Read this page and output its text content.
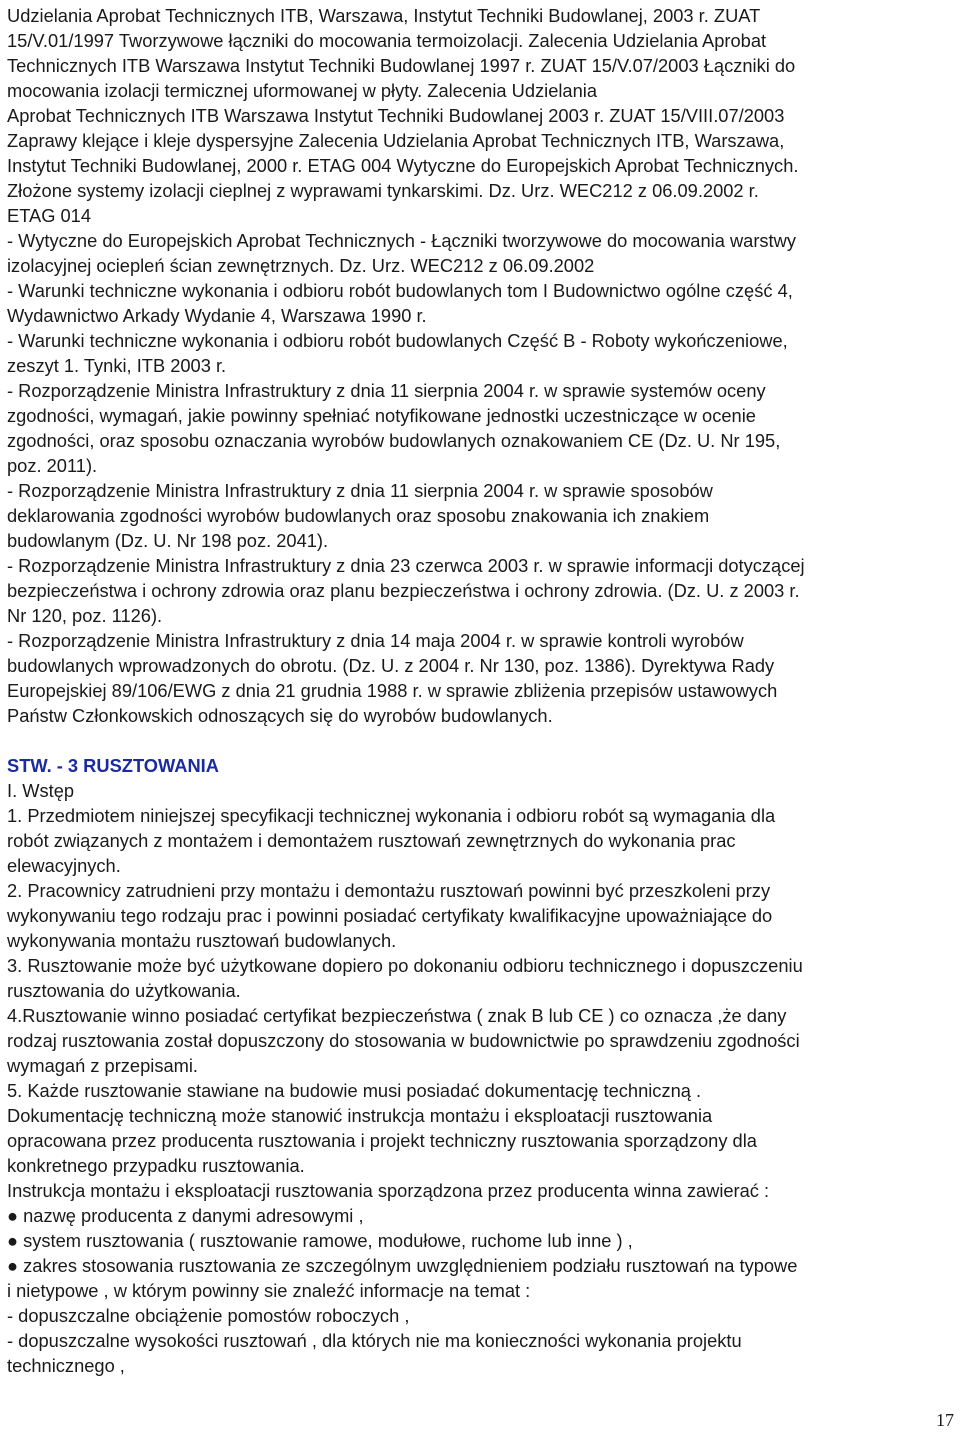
Udzielania Aprobat Technicznych ITB, Warszawa, Instytut Techniki Budowlanej, 2003 r. ZUAT
15/V.01/1997 Tworzywowe łączniki do mocowania termoizolacji. Zalecenia Udzielania Aprobat
Technicznych ITB Warszawa Instytut Techniki Budowlanej 1997 r. ZUAT 15/V.07/2003 Łączniki do
mocowania izolacji termicznej uformowanej w płyty. Zalecenia Udzielania
Aprobat Technicznych ITB Warszawa Instytut Techniki Budowlanej 2003 r. ZUAT 15/VIII.07/2003
Zaprawy klejące i kleje dyspersyjne Zalecenia Udzielania Aprobat Technicznych ITB, Warszawa,
Instytut Techniki Budowlanej, 2000 r. ETAG 004 Wytyczne do Europejskich Aprobat Technicznych.
Złożone systemy izolacji cieplnej z wyprawami tynkarskimi. Dz. Urz. WEC212 z 06.09.2002 r.
ETAG 014
- Wytyczne do Europejskich Aprobat Technicznych - Łączniki tworzywowe do mocowania warstwy
izolacyjnej ociepleń ścian zewnętrznych. Dz. Urz. WEC212 z 06.09.2002
- Warunki techniczne wykonania i odbioru robót budowlanych tom I Budownictwo ogólne część 4,
Wydawnictwo Arkady Wydanie 4, Warszawa 1990 r.
- Warunki techniczne wykonania i odbioru robót budowlanych Część B - Roboty wykończeniowe,
zeszyt 1. Tynki, ITB 2003 r.
- Rozporządzenie Ministra Infrastruktury z dnia 11 sierpnia 2004 r. w sprawie systemów oceny
zgodności, wymagań, jakie powinny spełniać notyfikowane jednostki uczestniczące w ocenie
zgodności, oraz sposobu oznaczania wyrobów budowlanych oznakowaniem CE (Dz. U. Nr 195,
poz. 2011).
- Rozporządzenie Ministra Infrastruktury z dnia 11 sierpnia 2004 r. w sprawie sposobów
deklarowania zgodności wyrobów budowlanych oraz sposobu znakowania ich znakiem
budowlanym (Dz. U. Nr 198 poz. 2041).
- Rozporządzenie Ministra Infrastruktury z dnia 23 czerwca 2003 r. w sprawie informacji dotyczącej
bezpieczeństwa i ochrony zdrowia oraz planu bezpieczeństwa i ochrony zdrowia. (Dz. U. z 2003 r.
Nr 120, poz. 1126).
- Rozporządzenie Ministra Infrastruktury z dnia 14 maja 2004 r. w sprawie kontroli wyrobów
budowlanych wprowadzonych do obrotu. (Dz. U. z 2004 r. Nr 130, poz. 1386). Dyrektywa Rady
Europejskiej 89/106/EWG z dnia 21 grudnia 1988 r. w sprawie zbliżenia przepisów ustawowych
Państw Członkowskich odnoszących się do wyrobów budowlanych.
STW. - 3 RUSZTOWANIA
I. Wstęp
1. Przedmiotem niniejszej specyfikacji technicznej wykonania i odbioru robót są wymagania dla
robót związanych z montażem i demontażem rusztowań zewnętrznych do wykonania prac
elewacyjnych.
2. Pracownicy zatrudnieni przy montażu i demontażu rusztowań powinni być przeszkoleni przy
wykonywaniu tego rodzaju prac i powinni posiadać certyfikaty kwalifikacyjne upoważniające do
wykonywania montażu rusztowań budowlanych.
3. Rusztowanie może być użytkowane dopiero po dokonaniu odbioru technicznego i dopuszczeniu
rusztowania do użytkowania.
4.Rusztowanie winno posiadać certyfikat bezpieczeństwa ( znak B lub CE ) co oznacza ,że dany
rodzaj rusztowania został dopuszczony do stosowania w budownictwie po sprawdzeniu zgodności
wymagań z przepisami.
5. Każde rusztowanie stawiane na budowie musi posiadać dokumentację techniczną .
Dokumentację techniczną może stanowić instrukcja montażu i eksploatacji rusztowania
opracowana przez producenta rusztowania i projekt techniczny rusztowania sporządzony dla
konkretnego przypadku rusztowania.
Instrukcja montażu i eksploatacji rusztowania sporządzona przez producenta winna zawierać :
● nazwę producenta z danymi adresowymi ,
● system rusztowania ( rusztowanie ramowe, modułowe, ruchome lub inne ) ,
● zakres stosowania rusztowania ze szczególnym uwzględnieniem podziału rusztowań na typowe
i nietypowe , w którym powinny sie znaleźć informacje na temat :
- dopuszczalne obciążenie pomostów roboczych ,
- dopuszczalne wysokości rusztowań , dla których nie ma konieczności wykonania projektu
technicznego ,
17
